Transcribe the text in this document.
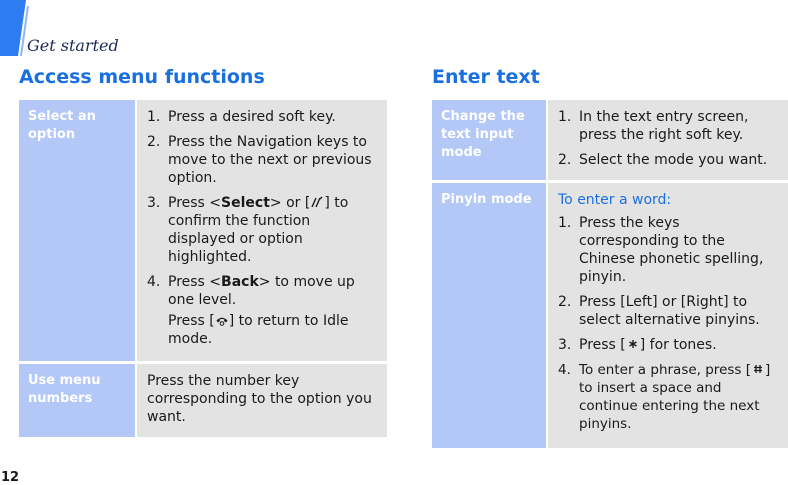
Get started
Access menu functions
Select an option
1. Press a desired soft key.
2. Press the Navigation keys to move to the next or previous option.
3. Press <Select> or [ ] to confirm the function displayed or option highlighted.
4. Press <Back> to move up one level.
Press [ ] to return to Idle mode.
Use menu numbers
Press the number key corresponding to the option you want.
Enter text
Change the text input mode
1. In the text entry screen, press the right soft key.
2. Select the mode you want.
Pinyin mode	To enter a word:
1. Press the keys corresponding to the Chinese phonetic spelling, pinyin.
2. Press [Left] or [Right] to select alternative pinyins.
3. Press [ ] for tones.
4. To enter a phrase, press [ ] to insert a space and continue entering the next pinyins.
12
